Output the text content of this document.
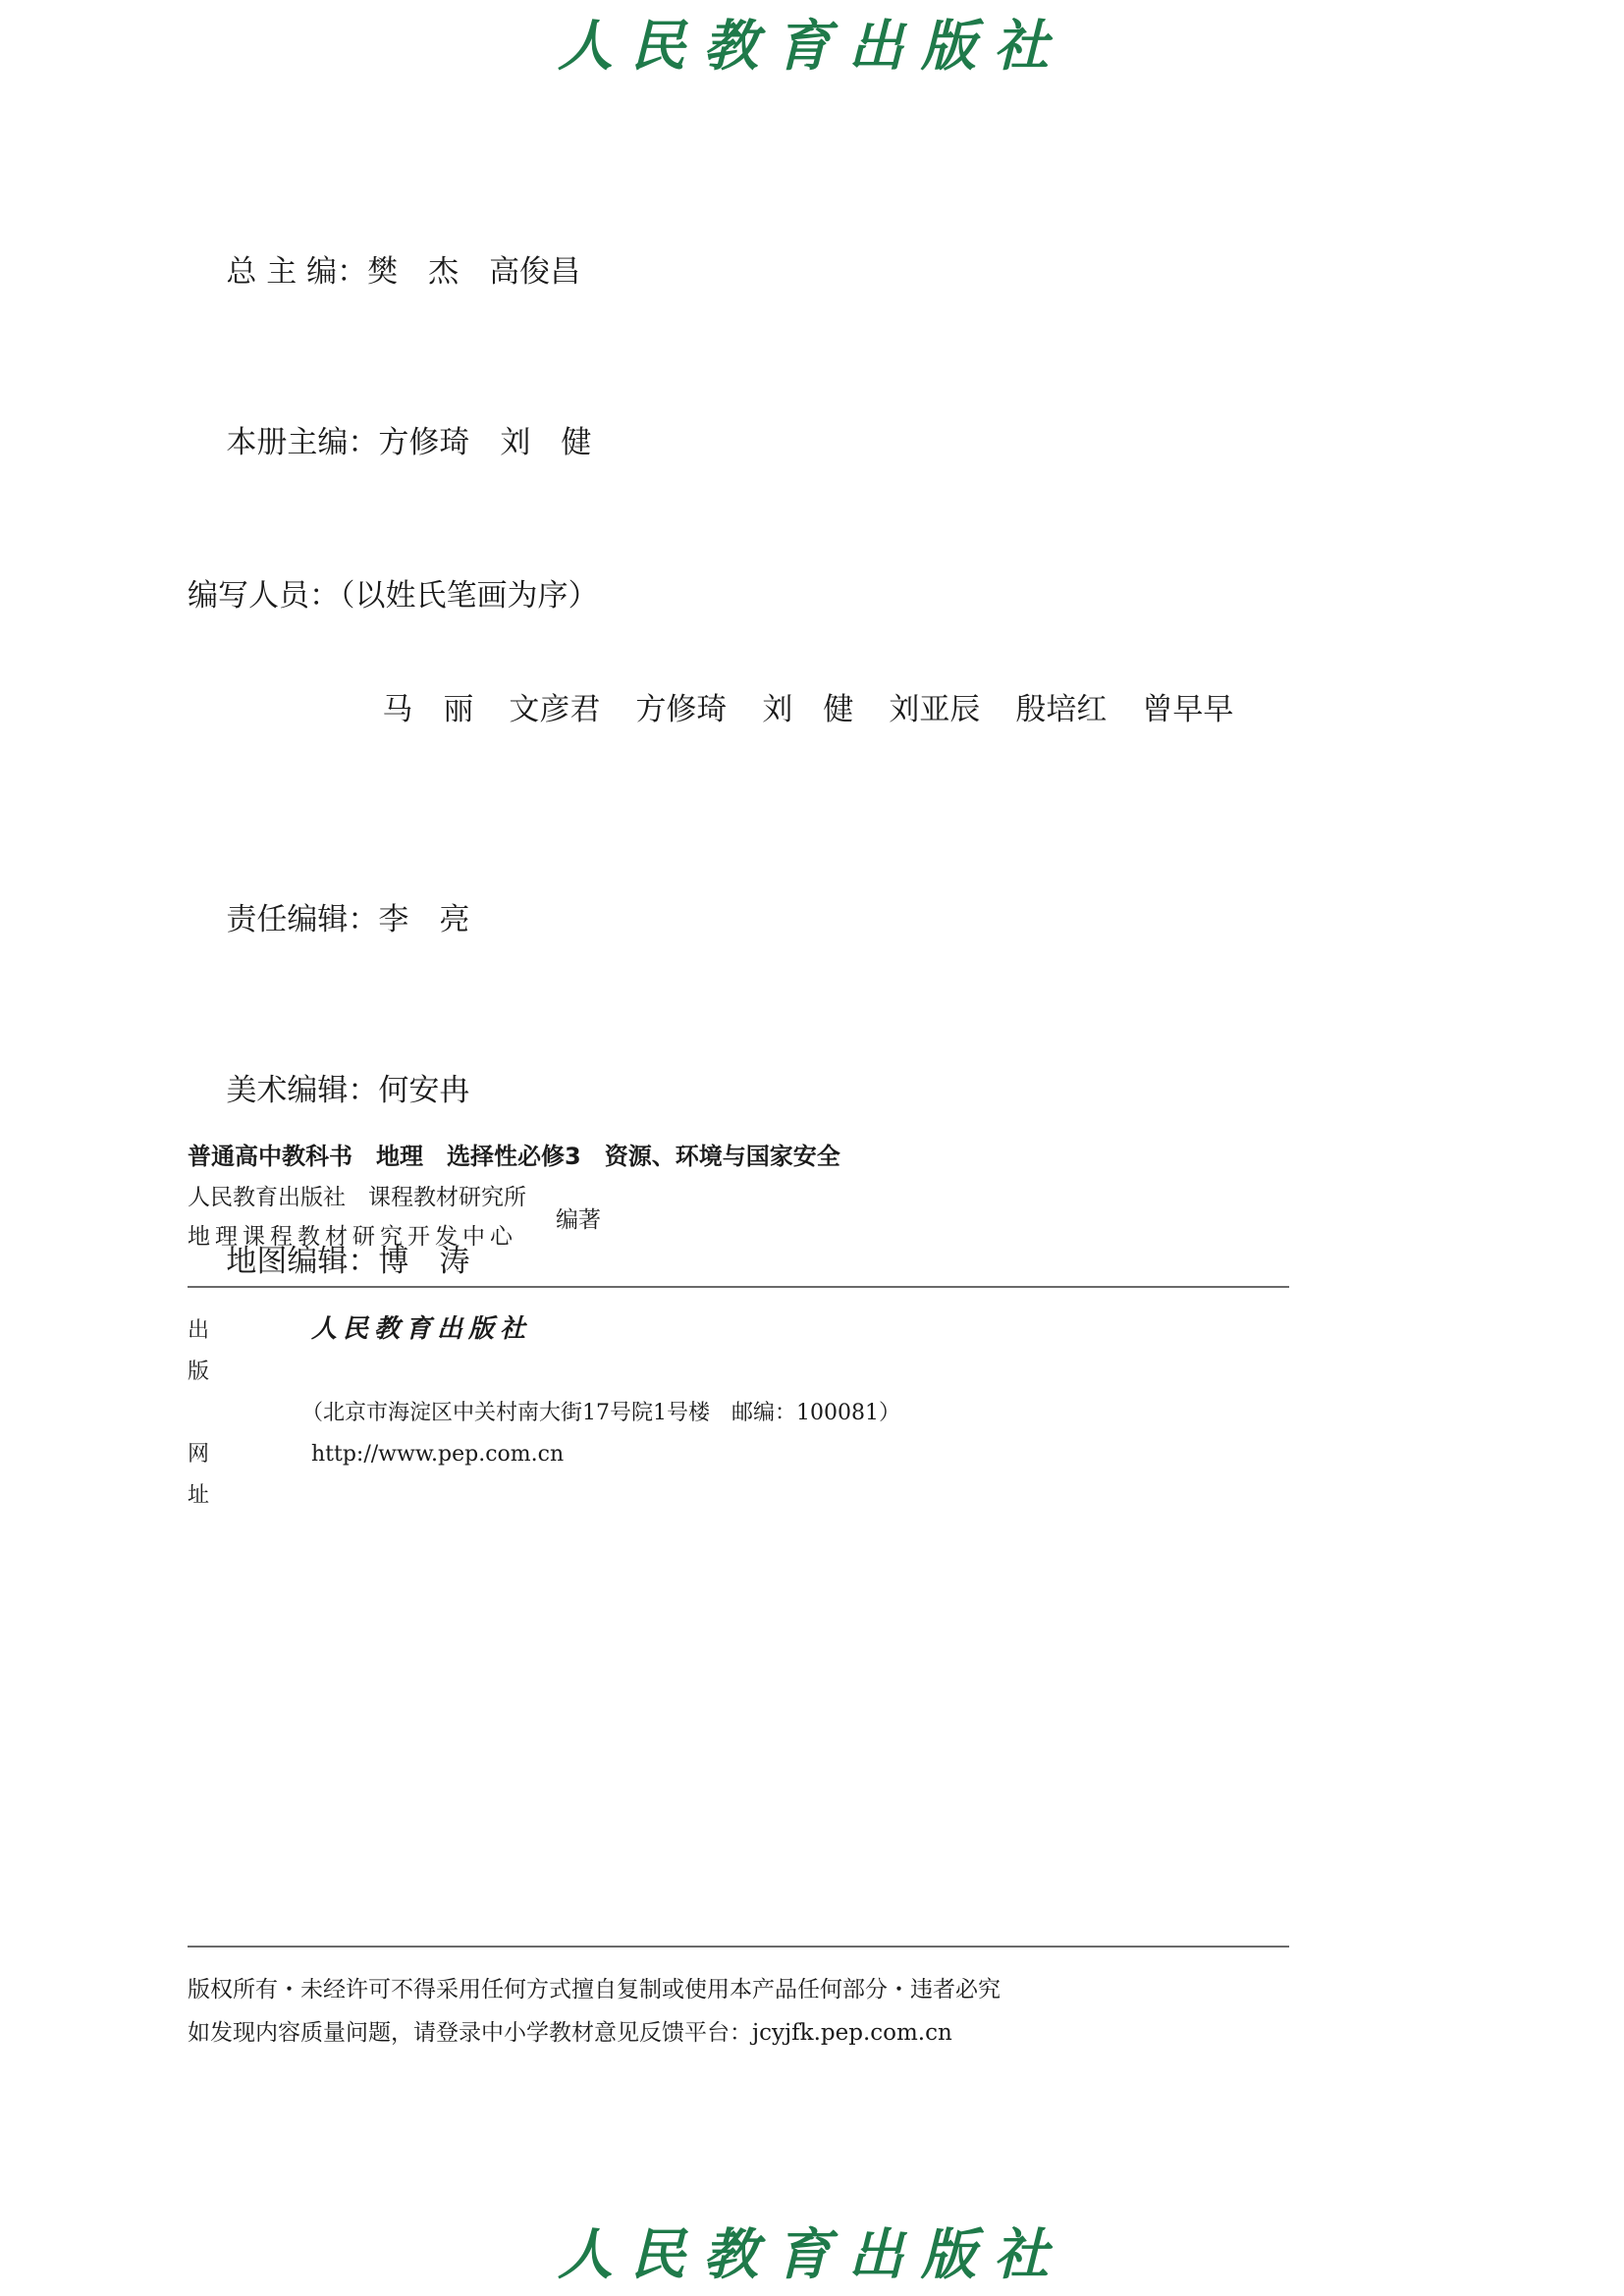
人民教育出版社

总 主 编：樊　杰　高俊昌

本册主编：方修琦　刘　健

编写人员：（以姓氏笔画为序）

马　丽 文彦君 方修琦 刘　健 刘亚辰 殷培红 曾早早

责任编辑：李　亮

美术编辑：何安冉

地图编辑：博　涛

普通高中教科书　地理　选择性必修3　资源、环境与国家安全
人民教育出版社　课程教材研究所
地理课程教材研究开发中心
编著
出版
人民教育出版社
（北京市海淀区中关村南大街17号院1号楼　邮编：100081）
网址
http://www.pep.com.cn
版权所有・未经许可不得采用任何方式擅自复制或使用本产品任何部分・违者必究
如发现内容质量问题，请登录中小学教材意见反馈平台：jcyjfk.pep.com.cn
人民教育出版社
